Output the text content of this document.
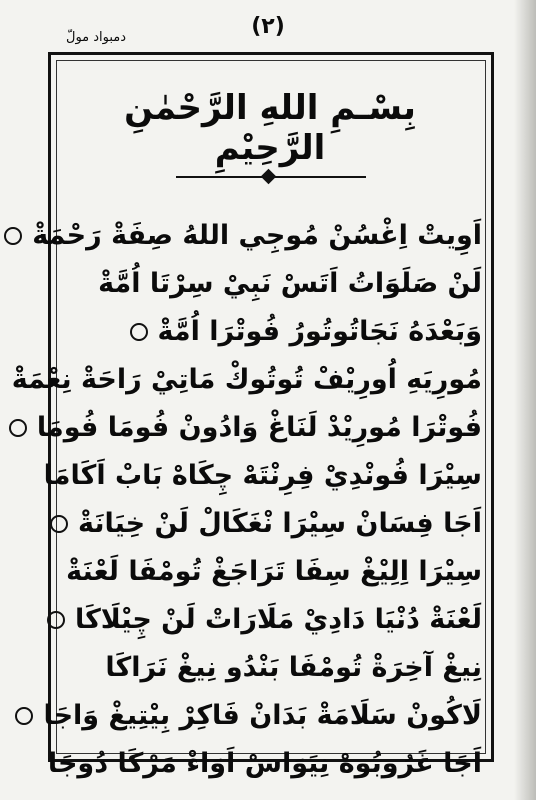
(٢)
دمبواد مولّ
بِسْـمِ اللهِ الرَّحْمٰنِ الرَّحِيْمِ
اَوِيتْ اِغْسُنْ مُوجِي اللهُ صِفَةْ رَحْمَةْ
لَنْ صَلَوَاتُ اَتَسْ نَبِيْ سِرْتَا اُمَّةْ
وَبَعْدَهُ نَجَاتُوتُورُ فُوتْرَا اُمَّةْ
مُورِيَهِ اُورِيْفْ تُوتُوكْ مَاتِيْ رَاحَةْ نِعْمَةْ
فُوتْرَا مُورِيْدْ لَنَاغْ وَادُونْ فُومَا فُومَا
سِيْرَا فُونْدِيْ فِرِنْتَهْ چِكَاهْ بَابْ اَكَامَا
اَجَا فِسَانْ سِيْرَا نْغَكَالْ لَنْ خِيَانَةْ
سِيْرَا اِلِيْغْ سِفَا تَرَاجَغْ تُومْفَا لَعْنَةْ
لَعْنَةْ دُنْيَا دَادِيْ مَلَارَاتْ لَنْ چِيْلَاكَا
نِيغْ آخِرَةْ تُومْفَا بَنْدُو نِيغْ نَرَاكَا
لَاكُونْ سَلَامَةْ بَدَانْ فَاكِرْ بِيْتِيغْ وَاجَا
اَجَا غَرُوبُوهْ نِيَوَاسْ اَوَاءْ مَرْكَا دُوجَا
